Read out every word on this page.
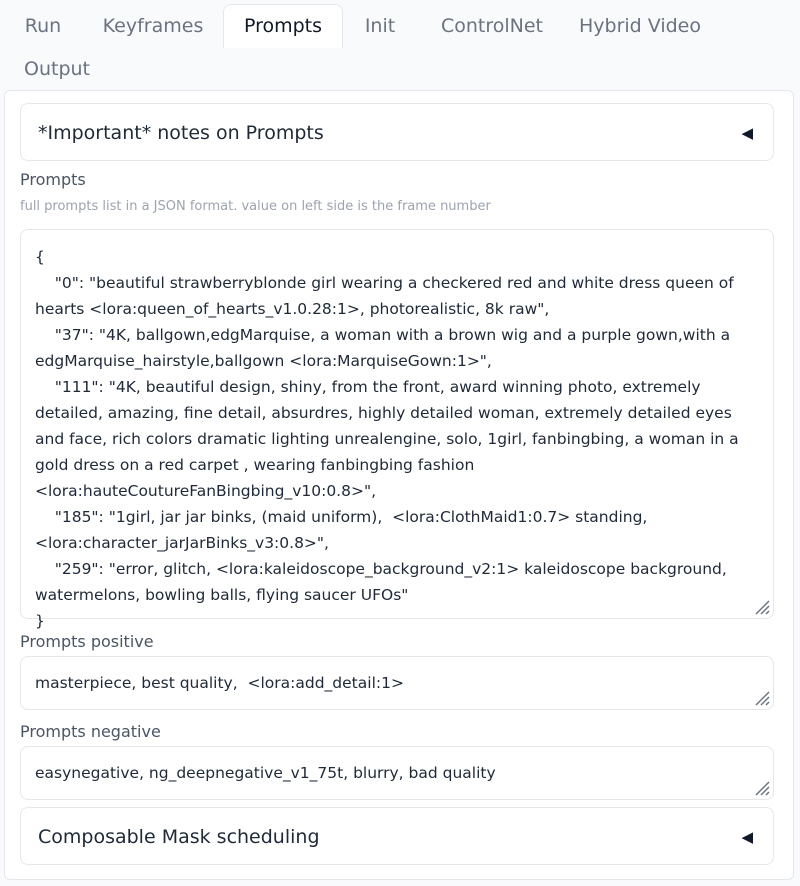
Run	Keyframes	Prompts	Init	ControlNet	Hybrid Video
Output
*Important* notes on Prompts	◀
Prompts
full prompts list in a JSON format. value on left side is the frame number
{
"0": "beautiful strawberryblonde girl wearing a checkered red and white dress queen of hearts <lora:queen_of_hearts_v1.0.28:1>, photorealistic, 8k raw",
"37": "4K, ballgown,edgMarquise, a woman with a brown wig and a purple gown,with a edgMarquise_hairstyle,ballgown <lora:MarquiseGown:1>",
"111": "4K, beautiful design, shiny, from the front, award winning photo, extremely detailed, amazing, fine detail, absurdres, highly detailed woman, extremely detailed eyes and face, rich colors dramatic lighting unrealengine, solo, 1girl, fanbingbing, a woman in a gold dress on a red carpet , wearing fanbingbing fashion <lora:hauteCoutureFanBingbing_v10:0.8>",
"185": "1girl, jar jar binks, (maid uniform),  <lora:ClothMaid1:0.7> standing, <lora:character_jarJarBinks_v3:0.8>",
"259": "error, glitch, <lora:kaleidoscope_background_v2:1> kaleidoscope background, watermelons, bowling balls, flying saucer UFOs"
}
Prompts positive
masterpiece, best quality,  <lora:add_detail:1>
Prompts negative
easynegative, ng_deepnegative_v1_75t, blurry, bad quality
Composable Mask scheduling	◀
